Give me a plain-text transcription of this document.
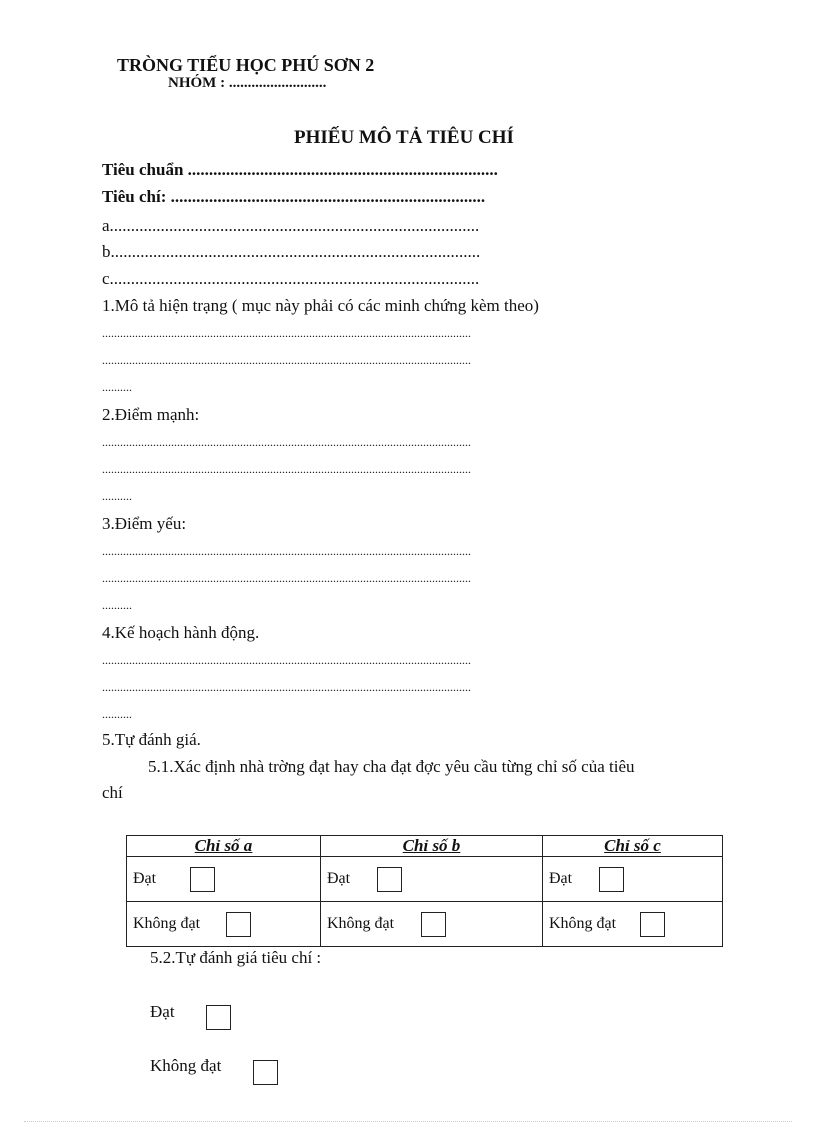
TRÒNG TIỂU HỌC PHÚ SƠN 2
NHÓM : ..........................
PHIẾU MÔ TẢ TIÊU CHÍ
Tiêu chuẩn .........................................................................
Tiêu chí: ..........................................................................
a.......................................................................................
b.......................................................................................
c.......................................................................................
1.Mô tả hiện trạng ( mục này phải có các minh chứng kèm theo)
...........................................................................................................................
...........................................................................................................................
..........
2.Điểm mạnh:
...........................................................................................................................
...........................................................................................................................
..........
3.Điểm yếu:
...........................................................................................................................
...........................................................................................................................
..........
4.Kế hoạch hành động.
...........................................................................................................................
...........................................................................................................................
..........
5.Tự đánh giá.
5.1.Xác định nhà trờng đạt hay cha đạt đợc yêu cầu từng chỉ số của tiêu
chí
Chỉ số a	Chỉ số b	Chỉ số c

Đạt	Đạt	Đạt

Không đạt	Không đạt	Không đạt
5.2.Tự đánh giá tiêu chí :
Đạt
Không đạt
